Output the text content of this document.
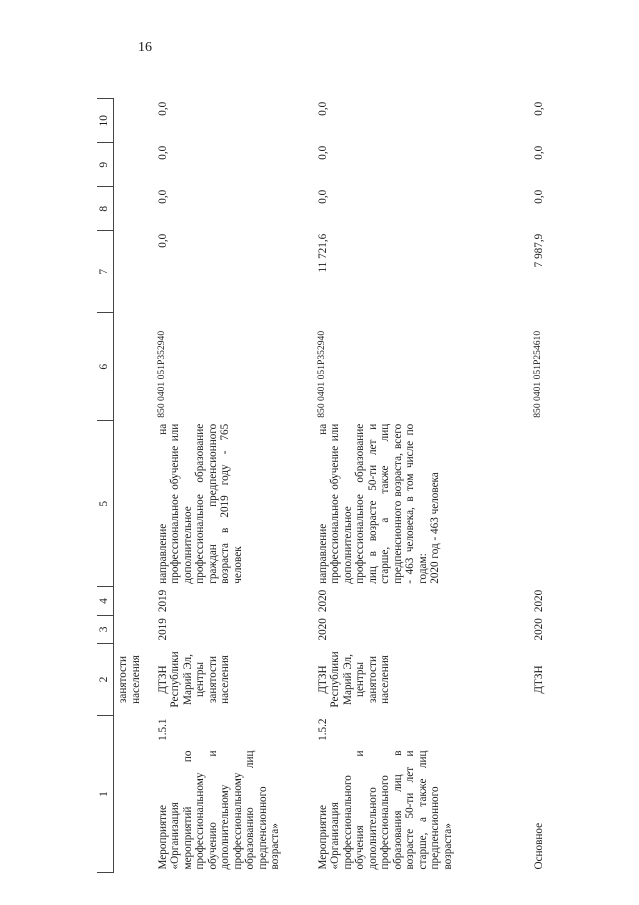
16
1		2	3	4	5	6	7	8	9	10
		занятости населения								
Мероприятие «Организация мероприятий по профессиональному обучению и дополнительному профессиональному образованию лиц предпенсионного возраста»	1.5.1	ДТЗН Республики Марий Эл, центры занятости населения	2019	2019	направление на профессиональное обучение или дополнительное профессиональное образование граждан предпенсионного возраста в 2019 году - 765 человек	850 0401 051P352940	0,0	0,0	0,0	0,0
Мероприятие «Организация профессионального обучения и дополнительного профессионального образования лиц в возрасте 50-ти лет и старше, а также лиц предпенсионного возраста»	1.5.2	ДТЗН Республики Марий Эл, центры занятости населения	2020	2020	направление на профессиональное обучение или дополнительное профессиональное образование лиц в возрасте 50-ти лет и старше, а также лиц предпенсионного возраста, всего - 463 человека, в том числе по годам: 2020 год - 463 человека	850 0401 051P352940	11 721,6	0,0	0,0	0,0
Основное		ДТЗН	2020	2020		850 0401 051P254610	7 987,9	0,0	0,0	0,0
